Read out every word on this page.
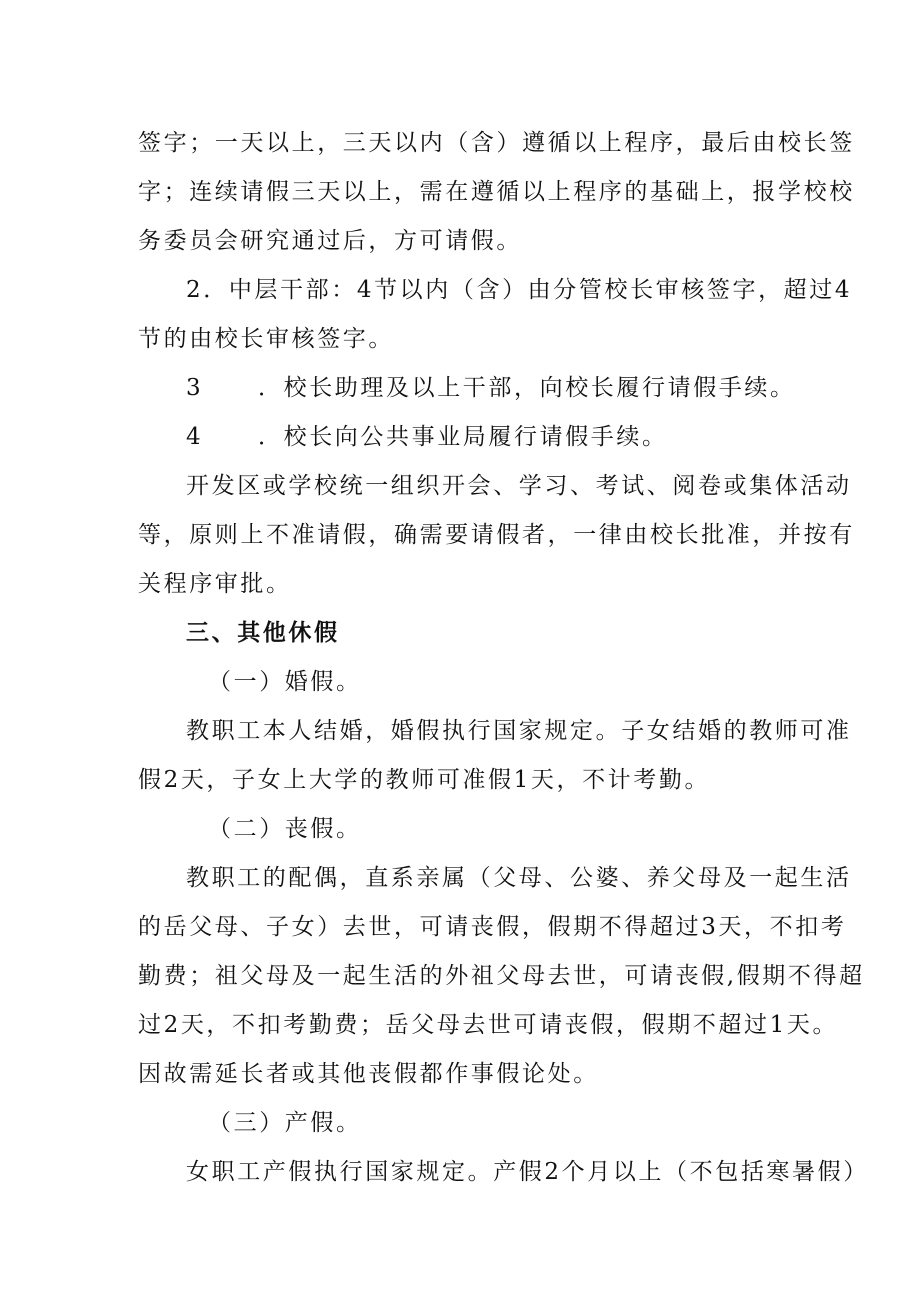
签字；一天以上，三天以内（含）遵循以上程序，最后由校长签
字；连续请假三天以上，需在遵循以上程序的基础上，报学校校
务委员会研究通过后，方可请假。
2．中层干部：4节以内（含）由分管校长审核签字，超过4
节的由校长审核签字。
3 ．校长助理及以上干部，向校长履行请假手续。
4 ．校长向公共事业局履行请假手续。
开发区或学校统一组织开会、学习、考试、阅卷或集体活动
等，原则上不准请假，确需要请假者，一律由校长批准，并按有
关程序审批。
三、其他休假
（一）婚假。
教职工本人结婚，婚假执行国家规定。子女结婚的教师可准
假2天，子女上大学的教师可准假1天，不计考勤。
（二）丧假。
教职工的配偶，直系亲属（父母、公婆、养父母及一起生活
的岳父母、子女）去世，可请丧假，假期不得超过3天，不扣考
勤费；祖父母及一起生活的外祖父母去世，可请丧假,假期不得超
过2天，不扣考勤费；岳父母去世可请丧假，假期不超过1天。
因故需延长者或其他丧假都作事假论处。
（三）产假。
女职工产假执行国家规定。产假2个月以上（不包括寒暑假）
